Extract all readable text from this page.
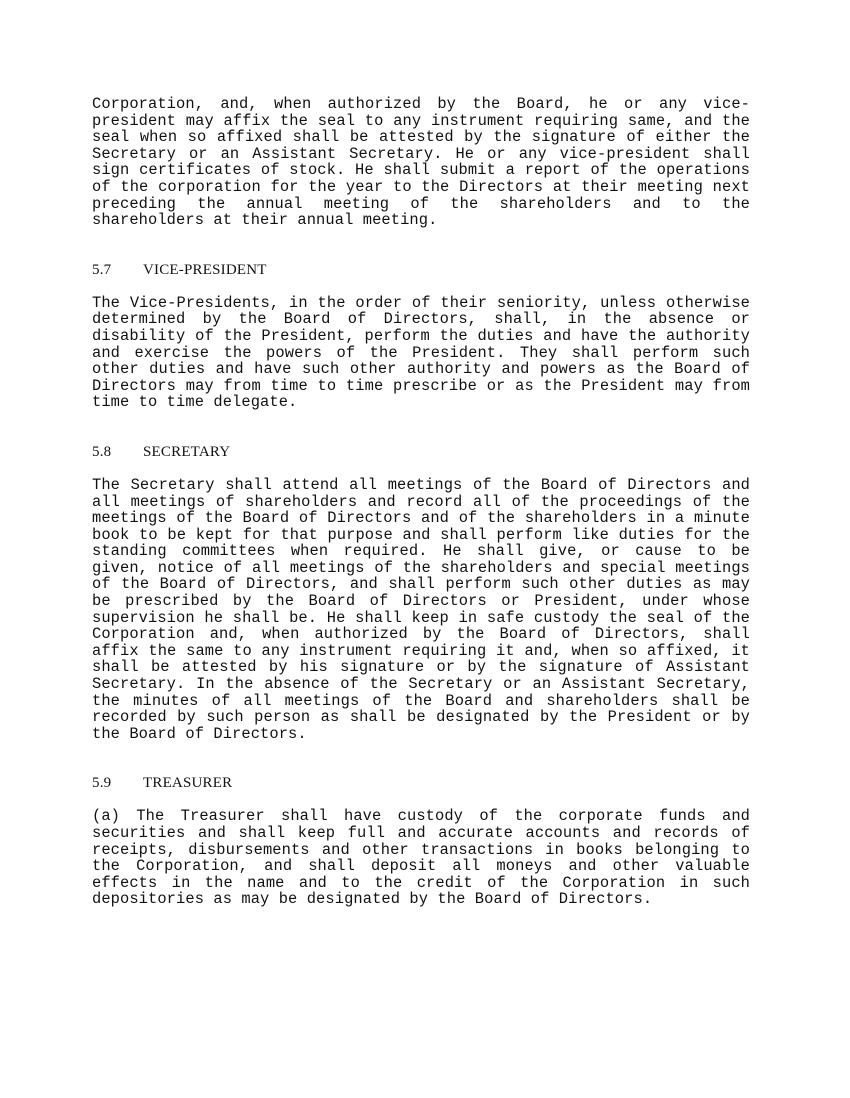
Corporation, and, when authorized by the Board, he or any vice-president may affix the seal to any instrument requiring same, and the seal when so affixed shall be attested by the signature of either the Secretary or an Assistant Secretary. He or any vice-president shall sign certificates of stock. He shall submit a report of the operations of the corporation for the year to the Directors at their meeting next preceding the annual meeting of the shareholders and to the shareholders at their annual meeting.

5.7 VICE-PRESIDENT

The Vice-Presidents, in the order of their seniority, unless otherwise determined by the Board of Directors, shall, in the absence or disability of the President, perform the duties and have the authority and exercise the powers of the President. They shall perform such other duties and have such other authority and powers as the Board of Directors may from time to time prescribe or as the President may from time to time delegate.

5.8 SECRETARY

The Secretary shall attend all meetings of the Board of Directors and all meetings of shareholders and record all of the proceedings of the meetings of the Board of Directors and of the shareholders in a minute book to be kept for that purpose and shall perform like duties for the standing committees when required. He shall give, or cause to be given, notice of all meetings of the shareholders and special meetings of the Board of Directors, and shall perform such other duties as may be prescribed by the Board of Directors or President, under whose supervision he shall be. He shall keep in safe custody the seal of the Corporation and, when authorized by the Board of Directors, shall affix the same to any instrument requiring it and, when so affixed, it shall be attested by his signature or by the signature of Assistant Secretary. In the absence of the Secretary or an Assistant Secretary, the minutes of all meetings of the Board and shareholders shall be recorded by such person as shall be designated by the President or by the Board of Directors.

5.9 TREASURER

(a) The Treasurer shall have custody of the corporate funds and securities and shall keep full and accurate accounts and records of receipts, disbursements and other transactions in books belonging to the Corporation, and shall deposit all moneys and other valuable effects in the name and to the credit of the Corporation in such depositories as may be designated by the Board of Directors.
